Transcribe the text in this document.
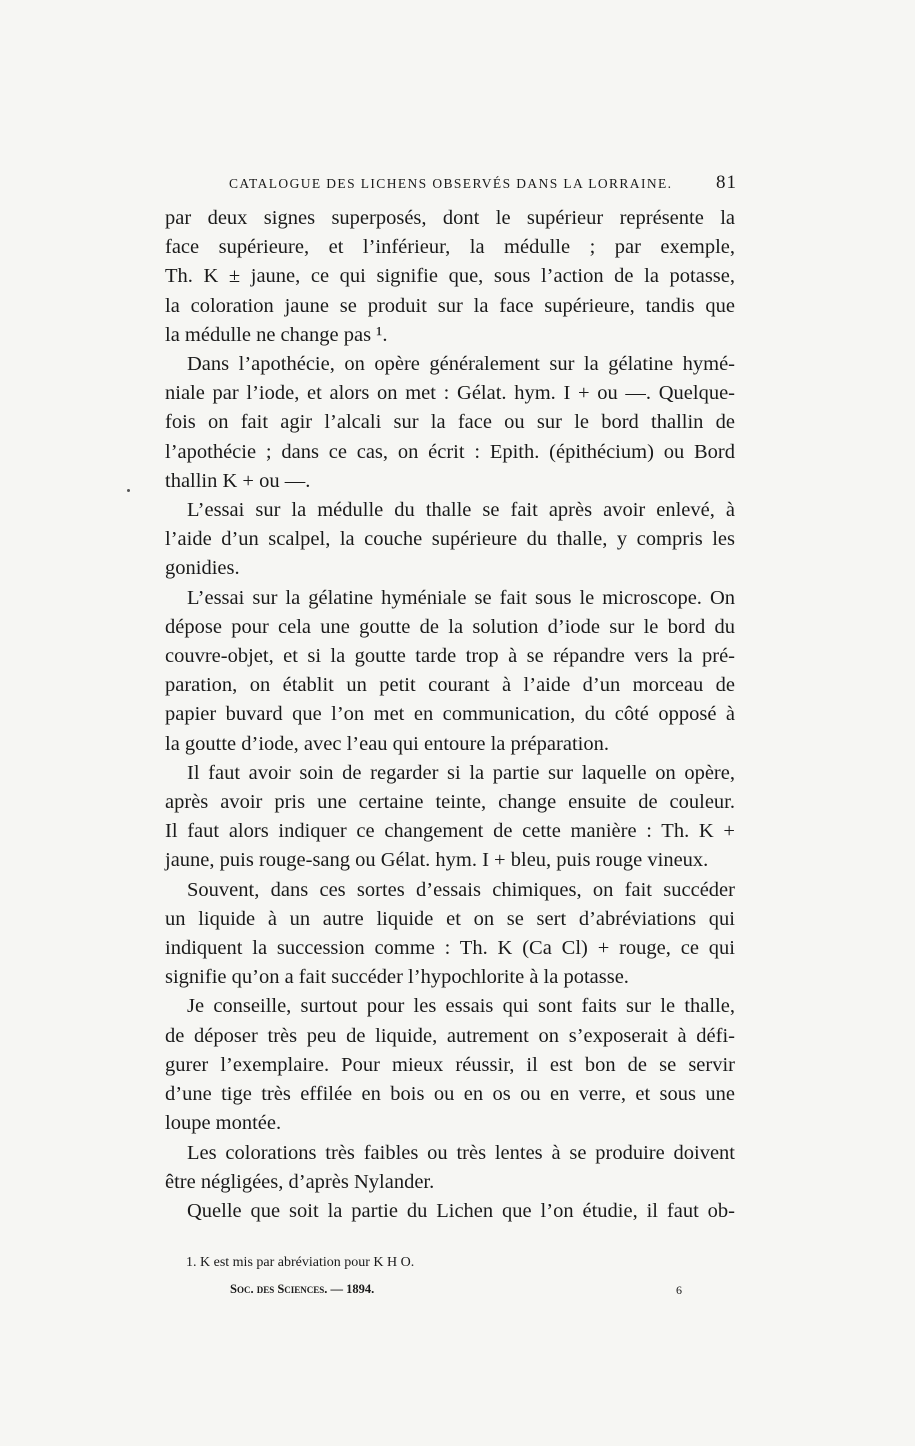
CATALOGUE DES LICHENS OBSERVÉS DANS LA LORRAINE. 81
par deux signes superposés, dont le supérieur représente la
face supérieure, et l’inférieur, la médulle ; par exemple,
Th. K ± jaune, ce qui signifie que, sous l’action de la potasse,
la coloration jaune se produit sur la face supérieure, tandis que
la médulle ne change pas ¹.
Dans l’apothécie, on opère généralement sur la gélatine hymé-
niale par l’iode, et alors on met : Gélat. hym. I + ou —. Quelque-
fois on fait agir l’alcali sur la face ou sur le bord thallin de
l’apothécie ; dans ce cas, on écrit : Epith. (épithécium) ou Bord
thallin K + ou —.
L’essai sur la médulle du thalle se fait après avoir enlevé, à
l’aide d’un scalpel, la couche supérieure du thalle, y compris les
gonidies.
L’essai sur la gélatine hyméniale se fait sous le microscope. On
dépose pour cela une goutte de la solution d’iode sur le bord du
couvre-objet, et si la goutte tarde trop à se répandre vers la pré-
paration, on établit un petit courant à l’aide d’un morceau de
papier buvard que l’on met en communication, du côté opposé à
la goutte d’iode, avec l’eau qui entoure la préparation.
Il faut avoir soin de regarder si la partie sur laquelle on opère,
après avoir pris une certaine teinte, change ensuite de couleur.
Il faut alors indiquer ce changement de cette manière : Th. K +
jaune, puis rouge-sang ou Gélat. hym. I + bleu, puis rouge vineux.
Souvent, dans ces sortes d’essais chimiques, on fait succéder
un liquide à un autre liquide et on se sert d’abréviations qui
indiquent la succession comme : Th. K (Ca Cl) + rouge, ce qui
signifie qu’on a fait succéder l’hypochlorite à la potasse.
Je conseille, surtout pour les essais qui sont faits sur le thalle,
de déposer très peu de liquide, autrement on s’exposerait à défi-
gurer l’exemplaire. Pour mieux réussir, il est bon de se servir
d’une tige très effilée en bois ou en os ou en verre, et sous une
loupe montée.
Les colorations très faibles ou très lentes à se produire doivent
être négligées, d’après Nylander.
Quelle que soit la partie du Lichen que l’on étudie, il faut ob-
1. K est mis par abréviation pour K H O.
Soc. des Sciences. — 1894.	6
